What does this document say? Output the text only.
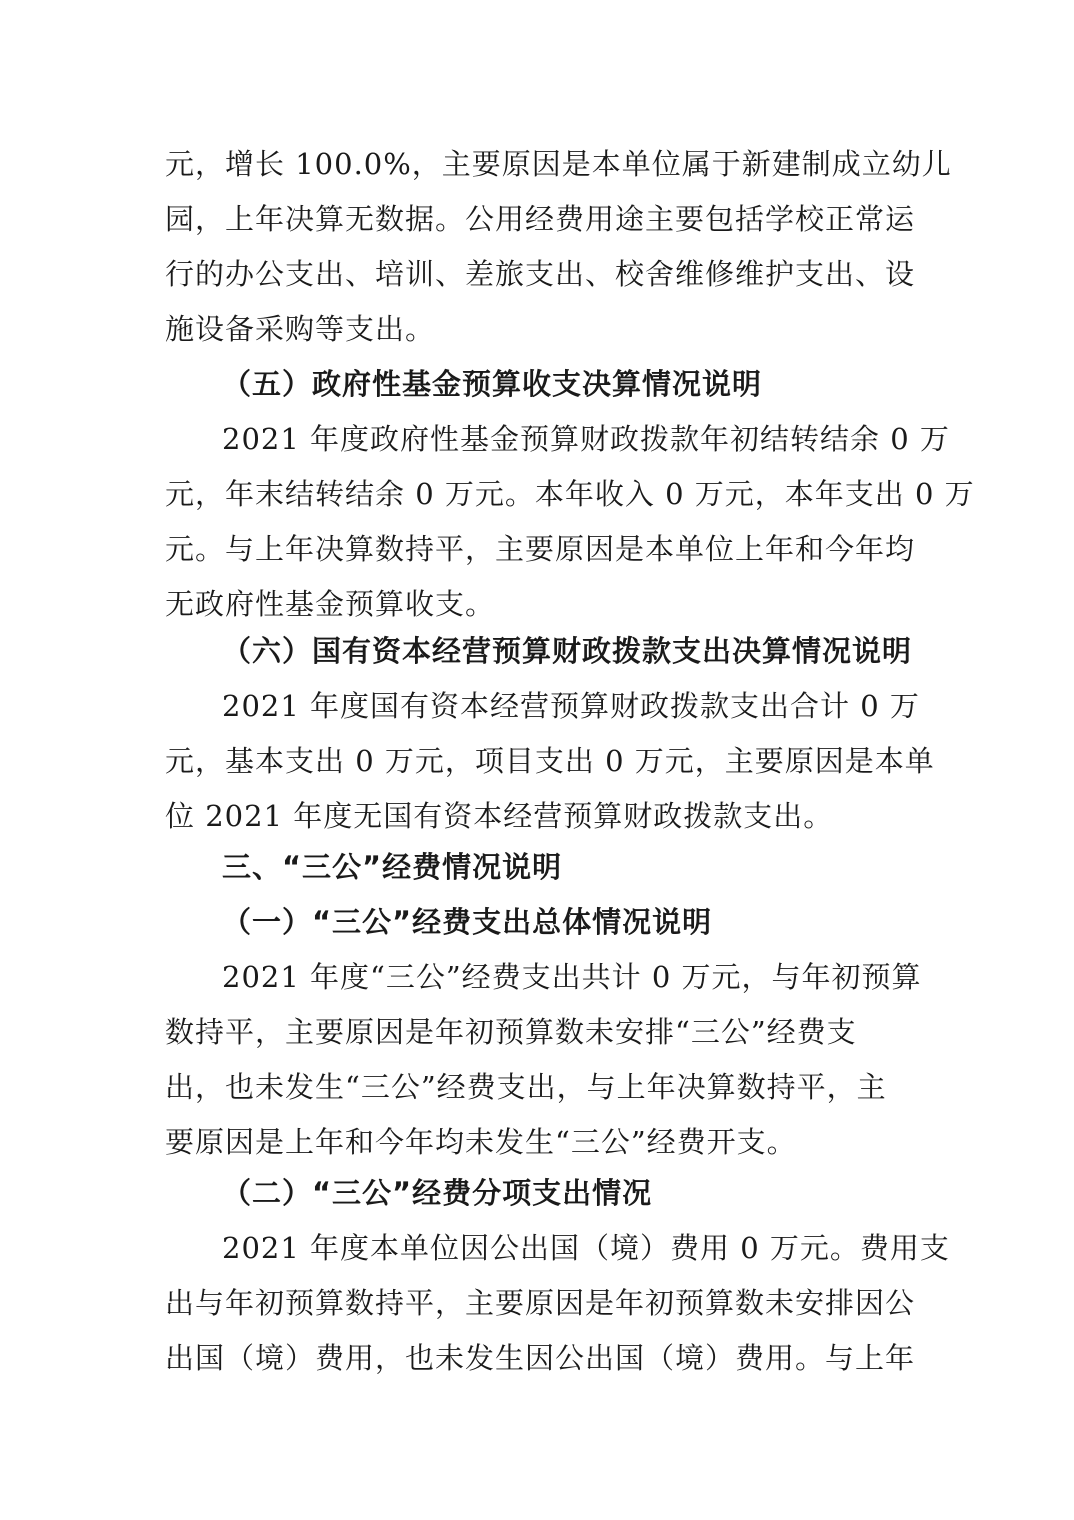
元，增长 100.0%，主要原因是本单位属于新建制成立幼儿
园，上年决算无数据。公用经费用途主要包括学校正常运
行的办公支出、培训、差旅支出、校舍维修维护支出、设
施设备采购等支出。
（五）政府性基金预算收支决算情况说明
2021 年度政府性基金预算财政拨款年初结转结余 0 万
元，年末结转结余 0 万元。本年收入 0 万元，本年支出 0 万
元。与上年决算数持平，主要原因是本单位上年和今年均
无政府性基金预算收支。
（六）国有资本经营预算财政拨款支出决算情况说明
2021 年度国有资本经营预算财政拨款支出合计 0 万
元，基本支出 0 万元，项目支出 0 万元，主要原因是本单
位 2021 年度无国有资本经营预算财政拨款支出。
三、“三公”经费情况说明
（一）“三公”经费支出总体情况说明
2021 年度“三公”经费支出共计 0 万元，与年初预算
数持平，主要原因是年初预算数未安排“三公”经费支
出，也未发生“三公”经费支出，与上年决算数持平，主
要原因是上年和今年均未发生“三公”经费开支。
（二）“三公”经费分项支出情况
2021 年度本单位因公出国（境）费用 0 万元。费用支
出与年初预算数持平，主要原因是年初预算数未安排因公
出国（境）费用，也未发生因公出国（境）费用。与上年
